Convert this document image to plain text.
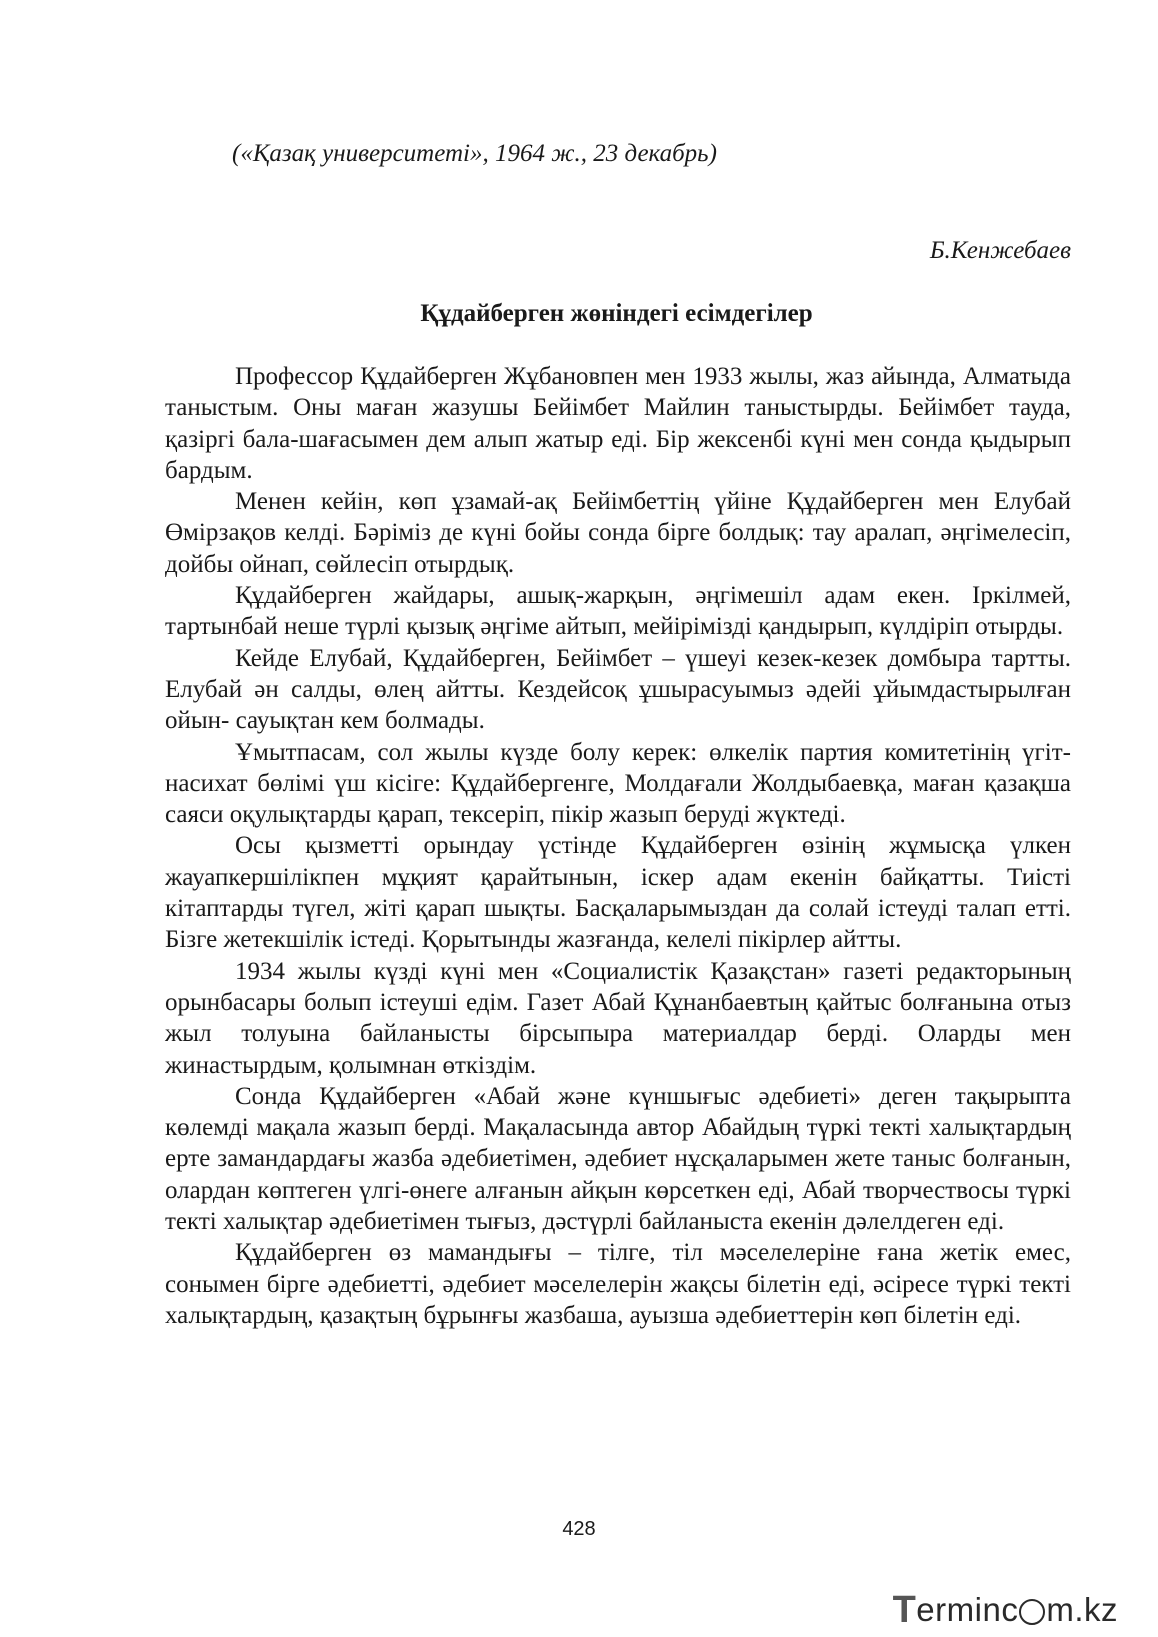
(«Қазақ университеті», 1964 ж., 23 декабрь)
Б.Кенжебаев
Құдайберген жөніндегі есімдегілер

Профессор Құдайберген Жұбановпен мен 1933 жылы, жаз айында, Алматыда таныстым. Оны маған жазушы Бейімбет Майлин таныстырды. Бейімбет тауда, қазіргі бала-шағасымен дем алып жатыр еді. Бір жексенбі күні мен сонда қыдырып бардым.

Менен кейін, көп ұзамай-ақ Бейімбеттің үйіне Құдайберген мен Елубай Өмірзақов келді. Бәріміз де күні бойы сонда бірге болдық: тау аралап, әңгімелесіп, дойбы ойнап, сөйлесіп отырдық.

Құдайберген жайдары, ашық-жарқын, әңгімешіл адам екен. Іркілмей, тартынбай неше түрлі қызық әңгіме айтып, мейірімізді қандырып, күлдіріп отырды.

Кейде Елубай, Құдайберген, Бейімбет – үшеуі кезек-кезек домбыра тартты. Елубай ән салды, өлең айтты. Кездейсоқ ұшырасуымыз әдейі ұйымдастырылған ойын- сауықтан кем болмады.

Ұмытпасам, сол жылы күзде болу керек: өлкелік партия комитетінің үгіт-насихат бөлімі үш кісіге: Құдайбергенге, Молдағали Жолдыбаевқа, маған қазақша саяси оқулықтарды қарап, тексеріп, пікір жазып беруді жүктеді.

Осы қызметті орындау үстінде Құдайберген өзінің жұмысқа үлкен жауапкершілікпен мұқият қарайтынын, іскер адам екенін байқатты. Тиісті кітаптарды түгел, жіті қарап шықты. Басқаларымыздан да солай істеуді талап етті. Бізге жетекшілік істеді. Қорытынды жазғанда, келелі пікірлер айтты.

1934 жылы күзді күні мен «Социалистік Қазақстан» газеті редакторының орынбасары болып істеуші едім. Газет Абай Құнанбаевтың қайтыс болғанына отыз жыл толуына байланысты бірсыпыра материалдар берді. Оларды мен жинастырдым, қолымнан өткіздім.

Сонда Құдайберген «Абай және күншығыс әдебиеті» деген тақырыпта көлемді мақала жазып берді. Мақаласында автор Абайдың түркі текті халықтардың ерте замандардағы жазба әдебиетімен, әдебиет нұсқаларымен жете таныс болғанын, олардан көптеген үлгі-өнеге алғанын айқын көрсеткен еді, Абай творчествосы түркі текті халықтар әдебиетімен тығыз, дәстүрлі байланыста екенін дәлелдеген еді.

Құдайберген өз мамандығы – тілге, тіл мәселелеріне ғана жетік емес, сонымен бірге әдебиетті, әдебиет мәселелерін жақсы білетін еді, әсіресе түркі текті халықтардың, қазақтың бұрынғы жазбаша, ауызша әдебиеттерін көп білетін еді.

428
T erminc m.kz
